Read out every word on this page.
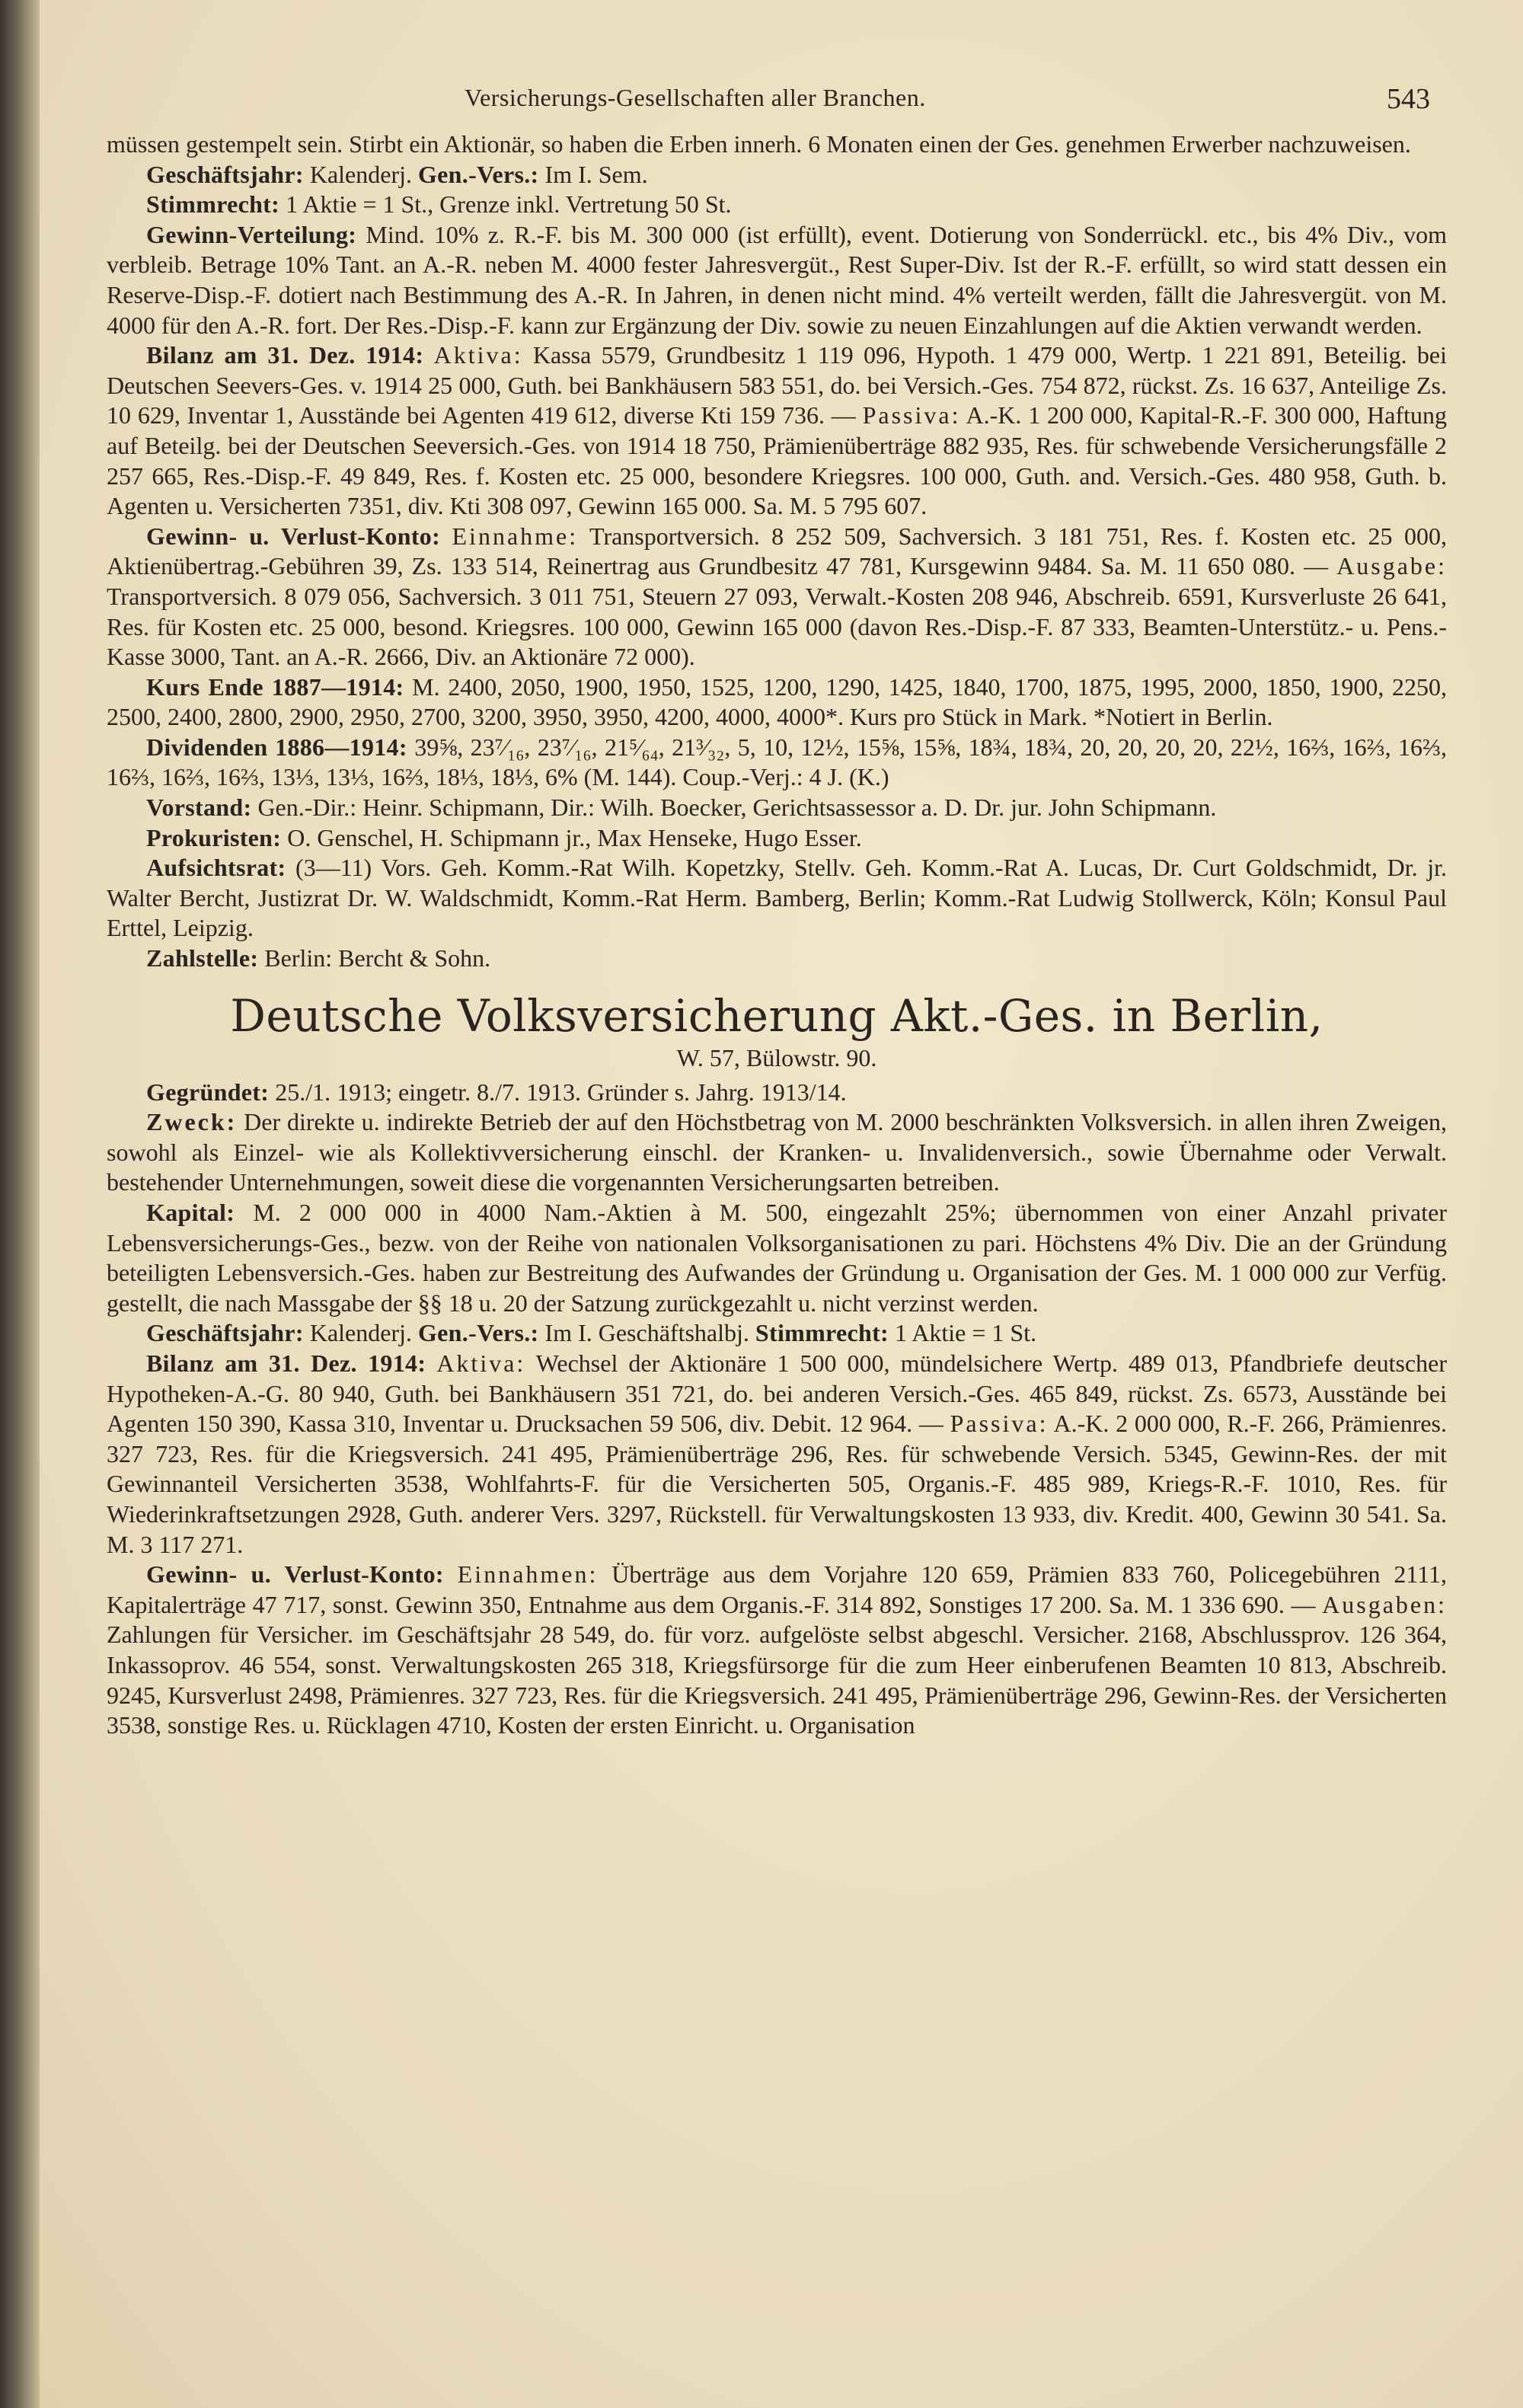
Versicherungs-Gesellschaften aller Branchen.	543

müssen gestempelt sein. Stirbt ein Aktionär, so haben die Erben innerh. 6 Monaten einen der Ges. genehmen Erwerber nachzuweisen.

Geschäftsjahr: Kalenderj. Gen.-Vers.: Im I. Sem.

Stimmrecht: 1 Aktie = 1 St., Grenze inkl. Vertretung 50 St.

Gewinn-Verteilung: Mind. 10% z. R.-F. bis M. 300 000 (ist erfüllt), event. Dotierung von Sonderrückl. etc., bis 4% Div., vom verbleib. Betrage 10% Tant. an A.-R. neben M. 4000 fester Jahresvergüt., Rest Super-Div. Ist der R.-F. erfüllt, so wird statt dessen ein Reserve-Disp.-F. dotiert nach Bestimmung des A.-R. In Jahren, in denen nicht mind. 4% verteilt werden, fällt die Jahresvergüt. von M. 4000 für den A.-R. fort. Der Res.-Disp.-F. kann zur Ergänzung der Div. sowie zu neuen Einzahlungen auf die Aktien verwandt werden.

Bilanz am 31. Dez. 1914: Aktiva: Kassa 5579, Grundbesitz 1 119 096, Hypoth. 1 479 000, Wertp. 1 221 891, Beteilig. bei Deutschen Seevers-Ges. v. 1914 25 000, Guth. bei Bankhäusern 583 551, do. bei Versich.-Ges. 754 872, rückst. Zs. 16 637, Anteilige Zs. 10 629, Inventar 1, Ausstände bei Agenten 419 612, diverse Kti 159 736. — Passiva: A.-K. 1 200 000, Kapital-R.-F. 300 000, Haftung auf Beteilg. bei der Deutschen Seeversich.-Ges. von 1914 18 750, Prämienüberträge 882 935, Res. für schwebende Versicherungsfälle 2 257 665, Res.-Disp.-F. 49 849, Res. f. Kosten etc. 25 000, besondere Kriegsres. 100 000, Guth. and. Versich.-Ges. 480 958, Guth. b. Agenten u. Versicherten 7351, div. Kti 308 097, Gewinn 165 000. Sa. M. 5 795 607.

Gewinn- u. Verlust-Konto: Einnahme: Transportversich. 8 252 509, Sachversich. 3 181 751, Res. f. Kosten etc. 25 000, Aktienübertrag.-Gebühren 39, Zs. 133 514, Reinertrag aus Grundbesitz 47 781, Kursgewinn 9484. Sa. M. 11 650 080. — Ausgabe: Transportversich. 8 079 056, Sachversich. 3 011 751, Steuern 27 093, Verwalt.-Kosten 208 946, Abschreib. 6591, Kursverluste 26 641, Res. für Kosten etc. 25 000, besond. Kriegsres. 100 000, Gewinn 165 000 (davon Res.-Disp.-F. 87 333, Beamten-Unterstütz.- u. Pens.-Kasse 3000, Tant. an A.-R. 2666, Div. an Aktionäre 72 000).

Kurs Ende 1887—1914: M. 2400, 2050, 1900, 1950, 1525, 1200, 1290, 1425, 1840, 1700, 1875, 1995, 2000, 1850, 1900, 2250, 2500, 2400, 2800, 2900, 2950, 2700, 3200, 3950, 3950, 4200, 4000, 4000*. Kurs pro Stück in Mark. *Notiert in Berlin.

Dividenden 1886—1914: 39⅝, 23⁷⁄₁₆, 23⁷⁄₁₆, 21⁵⁄₆₄, 21³⁄₃₂, 5, 10, 12½, 15⅝, 15⅝, 18¾, 18¾, 20, 20, 20, 20, 22½, 16⅔, 16⅔, 16⅔, 16⅔, 16⅔, 16⅔, 13⅓, 13⅓, 16⅔, 18⅓, 18⅓, 6% (M. 144). Coup.-Verj.: 4 J. (K.)

Vorstand: Gen.-Dir.: Heinr. Schipmann, Dir.: Wilh. Boecker, Gerichtsassessor a. D. Dr. jur. John Schipmann.

Prokuristen: O. Genschel, H. Schipmann jr., Max Henseke, Hugo Esser.

Aufsichtsrat: (3—11) Vors. Geh. Komm.-Rat Wilh. Kopetzky, Stellv. Geh. Komm.-Rat A. Lucas, Dr. Curt Goldschmidt, Dr. jr. Walter Bercht, Justizrat Dr. W. Waldschmidt, Komm.-Rat Herm. Bamberg, Berlin; Komm.-Rat Ludwig Stollwerck, Köln; Konsul Paul Erttel, Leipzig.

Zahlstelle: Berlin: Bercht & Sohn.

Deutsche Volksversicherung Akt.-Ges. in Berlin,
W. 57, Bülowstr. 90.

Gegründet: 25./1. 1913; eingetr. 8./7. 1913. Gründer s. Jahrg. 1913/14.

Zweck: Der direkte u. indirekte Betrieb der auf den Höchstbetrag von M. 2000 beschränkten Volksversich. in allen ihren Zweigen, sowohl als Einzel- wie als Kollektivversicherung einschl. der Kranken- u. Invalidenversich., sowie Übernahme oder Verwalt. bestehender Unternehmungen, soweit diese die vorgenannten Versicherungsarten betreiben.

Kapital: M. 2 000 000 in 4000 Nam.-Aktien à M. 500, eingezahlt 25%; übernommen von einer Anzahl privater Lebensversicherungs-Ges., bezw. von der Reihe von nationalen Volksorganisationen zu pari. Höchstens 4% Div. Die an der Gründung beteiligten Lebensversich.-Ges. haben zur Bestreitung des Aufwandes der Gründung u. Organisation der Ges. M. 1 000 000 zur Verfüg. gestellt, die nach Massgabe der §§ 18 u. 20 der Satzung zurückgezahlt u. nicht verzinst werden.

Geschäftsjahr: Kalenderj. Gen.-Vers.: Im I. Geschäftshalbj. Stimmrecht: 1 Aktie = 1 St.

Bilanz am 31. Dez. 1914: Aktiva: Wechsel der Aktionäre 1 500 000, mündelsichere Wertp. 489 013, Pfandbriefe deutscher Hypotheken-A.-G. 80 940, Guth. bei Bankhäusern 351 721, do. bei anderen Versich.-Ges. 465 849, rückst. Zs. 6573, Ausstände bei Agenten 150 390, Kassa 310, Inventar u. Drucksachen 59 506, div. Debit. 12 964. — Passiva: A.-K. 2 000 000, R.-F. 266, Prämienres. 327 723, Res. für die Kriegsversich. 241 495, Prämienüberträge 296, Res. für schwebende Versich. 5345, Gewinn-Res. der mit Gewinnanteil Versicherten 3538, Wohlfahrts-F. für die Versicherten 505, Organis.-F. 485 989, Kriegs-R.-F. 1010, Res. für Wiederinkraftsetzungen 2928, Guth. anderer Vers. 3297, Rückstell. für Verwaltungskosten 13 933, div. Kredit. 400, Gewinn 30 541. Sa. M. 3 117 271.

Gewinn- u. Verlust-Konto: Einnahmen: Überträge aus dem Vorjahre 120 659, Prämien 833 760, Policegebühren 2111, Kapitalerträge 47 717, sonst. Gewinn 350, Entnahme aus dem Organis.-F. 314 892, Sonstiges 17 200. Sa. M. 1 336 690. — Ausgaben: Zahlungen für Versicher. im Geschäftsjahr 28 549, do. für vorz. aufgelöste selbst abgeschl. Versicher. 2168, Abschlussprov. 126 364, Inkassoprov. 46 554, sonst. Verwaltungskosten 265 318, Kriegsfürsorge für die zum Heer einberufenen Beamten 10 813, Abschreib. 9245, Kursverlust 2498, Prämienres. 327 723, Res. für die Kriegsversich. 241 495, Prämienüberträge 296, Gewinn-Res. der Versicherten 3538, sonstige Res. u. Rücklagen 4710, Kosten der ersten Einricht. u. Organisation
